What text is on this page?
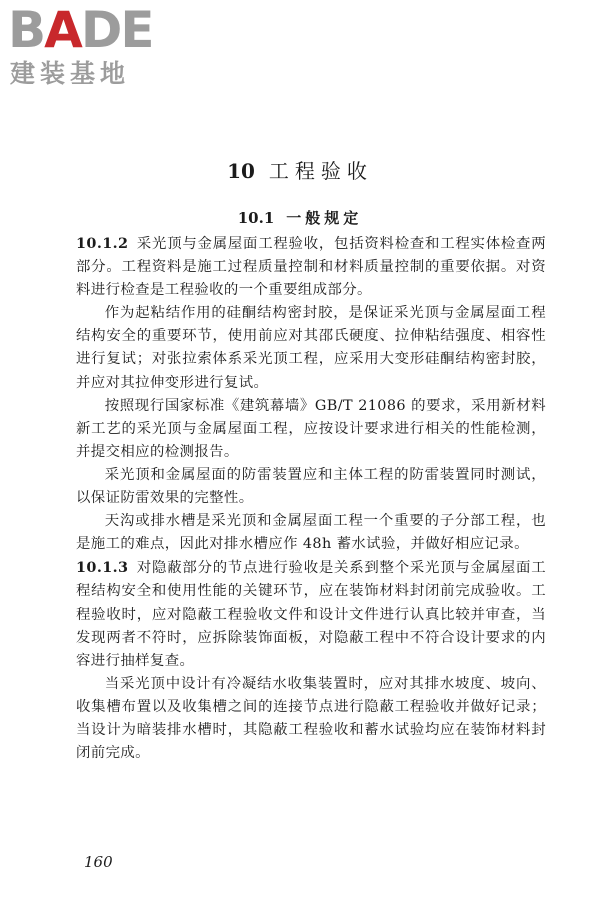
BADE
建装基地
10 工程验收
10.1 一般规定

10.1.2 采光顶与金属屋面工程验收，包括资料检查和工程实体检查两部分。工程资料是施工过程质量控制和材料质量控制的重要依据。对资料进行检查是工程验收的一个重要组成部分。

作为起粘结作用的硅酮结构密封胶，是保证采光顶与金属屋面工程结构安全的重要环节，使用前应对其邵氏硬度、拉伸粘结强度、相容性进行复试；对张拉索体系采光顶工程，应采用大变形硅酮结构密封胶，并应对其拉伸变形进行复试。

按照现行国家标准《建筑幕墙》GB/T 21086 的要求，采用新材料新工艺的采光顶与金属屋面工程，应按设计要求进行相关的性能检测，并提交相应的检测报告。

采光顶和金属屋面的防雷装置应和主体工程的防雷装置同时测试，以保证防雷效果的完整性。

天沟或排水槽是采光顶和金属屋面工程一个重要的子分部工程，也是施工的难点，因此对排水槽应作 48h 蓄水试验，并做好相应记录。

10.1.3 对隐蔽部分的节点进行验收是关系到整个采光顶与金属屋面工程结构安全和使用性能的关键环节，应在装饰材料封闭前完成验收。工程验收时，应对隐蔽工程验收文件和设计文件进行认真比较并审查，当发现两者不符时，应拆除装饰面板，对隐蔽工程中不符合设计要求的内容进行抽样复查。

当采光顶中设计有冷凝结水收集装置时，应对其排水坡度、坡向、收集槽布置以及收集槽之间的连接节点进行隐蔽工程验收并做好记录；当设计为暗装排水槽时，其隐蔽工程验收和蓄水试验均应在装饰材料封闭前完成。

160
